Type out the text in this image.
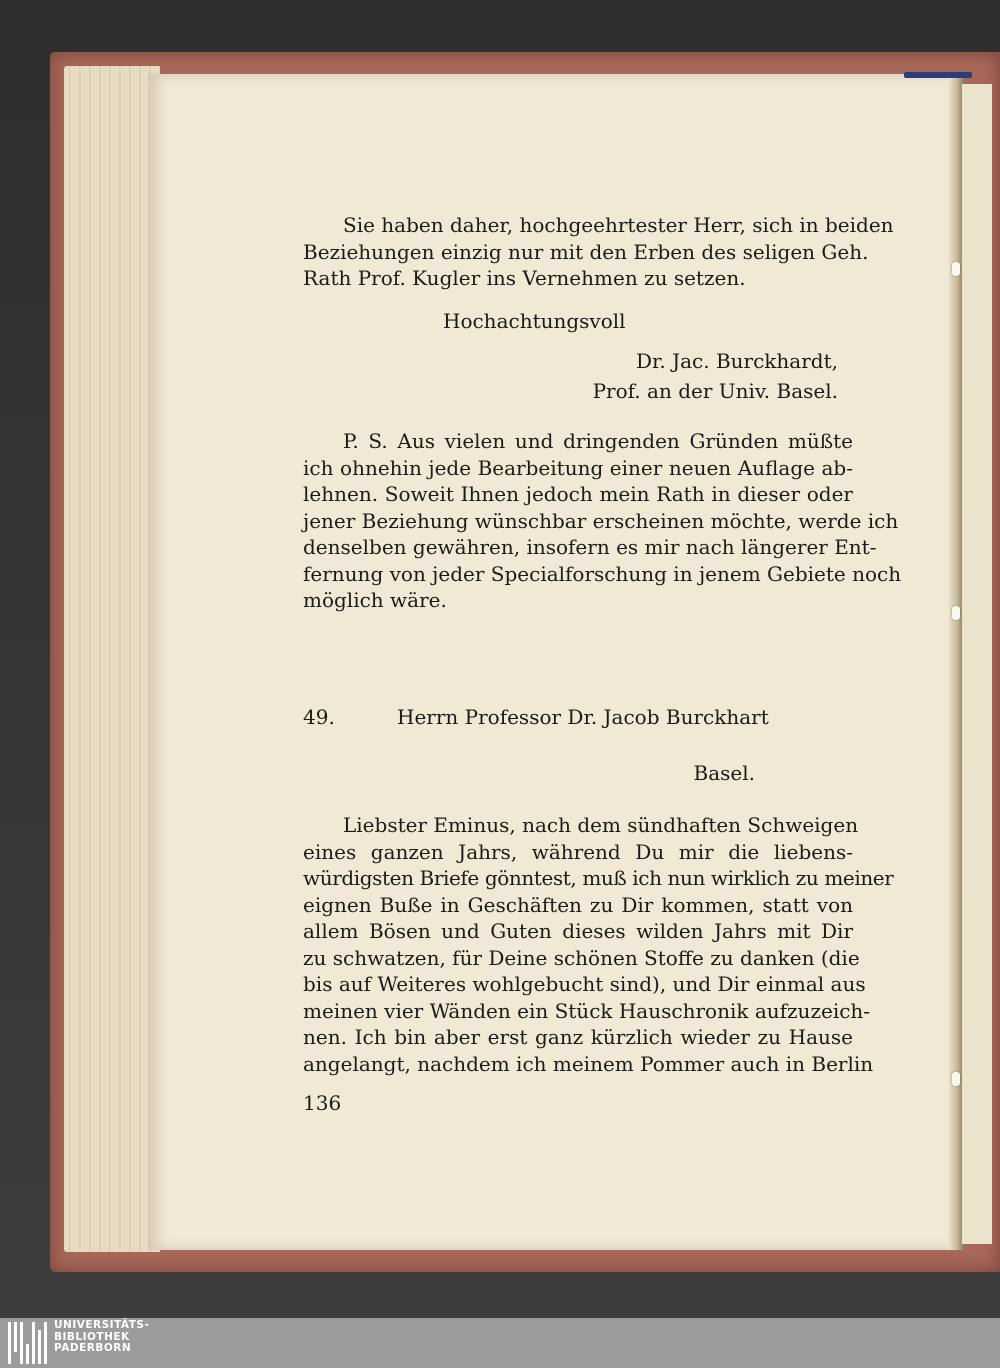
Sie haben daher, hochgeehrtester Herr, sich in beiden
Beziehungen einzig nur mit den Erben des seligen Geh.
Rath Prof. Kugler ins Vernehmen zu setzen.

Hochachtungsvoll
Dr. Jac. Burckhardt,
Prof. an der Univ. Basel.

P. S. Aus vielen und dringenden Gründen müßte
ich ohnehin jede Bearbeitung einer neuen Auflage ab-
lehnen. Soweit Ihnen jedoch mein Rath in dieser oder
jener Beziehung wünschbar erscheinen möchte, werde ich
denselben gewähren, insofern es mir nach längerer Ent-
fernung von jeder Specialforschung in jenem Gebiete noch
möglich wäre.

49.	Herrn Professor Dr. Jacob Burckhart
Basel.

Liebster Eminus, nach dem sündhaften Schweigen
eines ganzen Jahrs, während Du mir die liebens-
würdigsten Briefe gönntest, muß ich nun wirklich zu meiner
eignen Buße in Geschäften zu Dir kommen, statt von
allem Bösen und Guten dieses wilden Jahrs mit Dir
zu schwatzen, für Deine schönen Stoffe zu danken (die
bis auf Weiteres wohlgebucht sind), und Dir einmal aus
meinen vier Wänden ein Stück Hauschronik aufzuzeich-
nen. Ich bin aber erst ganz kürzlich wieder zu Hause
angelangt, nachdem ich meinem Pommer auch in Berlin

136
UNIVERSITÄTS-
BIBLIOTHEK
PADERBORN
